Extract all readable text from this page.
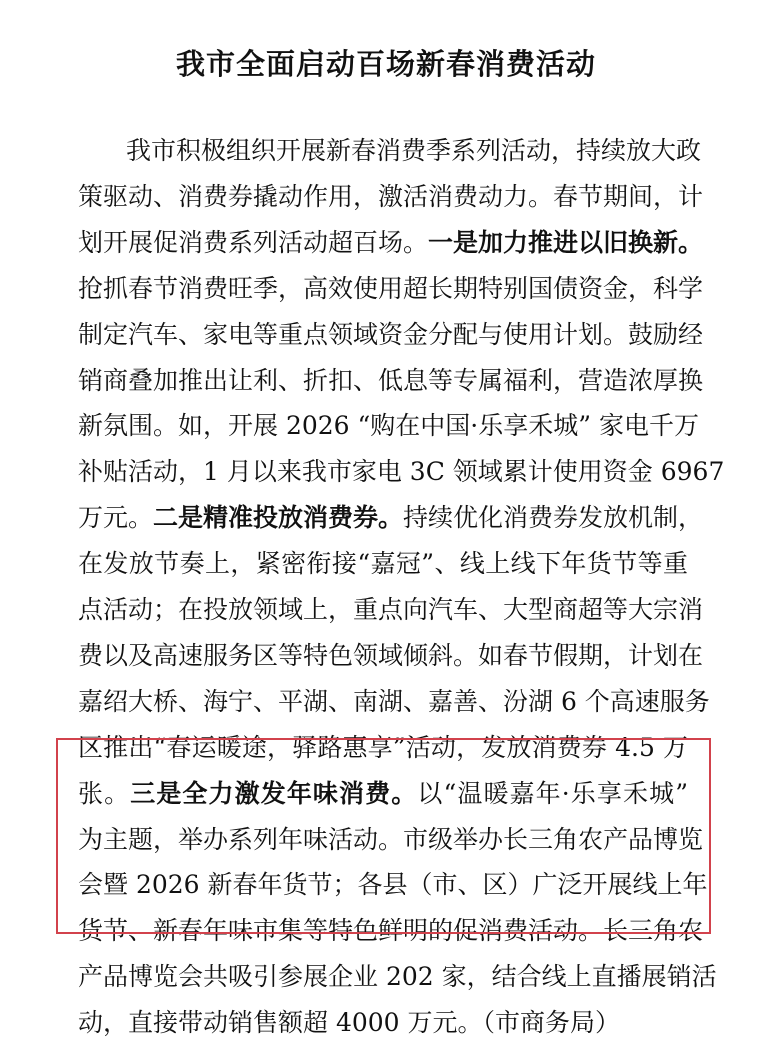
我市全面启动百场新春消费活动
我市积极组织开展新春消费季系列活动，持续放大政
策驱动、消费券撬动作用，激活消费动力。春节期间，计
划开展促消费系列活动超百场。一是加力推进以旧换新。
抢抓春节消费旺季，高效使用超长期特别国债资金，科学
制定汽车、家电等重点领域资金分配与使用计划。鼓励经
销商叠加推出让利、折扣、低息等专属福利，营造浓厚换
新氛围。如，开展 2026 “购在中国·乐享禾城” 家电千万
补贴活动，1 月以来我市家电 3C 领域累计使用资金 6967
万元。二是精准投放消费券。持续优化消费券发放机制，
在发放节奏上，紧密衔接“嘉冠”、线上线下年货节等重
点活动；在投放领域上，重点向汽车、大型商超等大宗消
费以及高速服务区等特色领域倾斜。如春节假期，计划在
嘉绍大桥、海宁、平湖、南湖、嘉善、汾湖 6 个高速服务
区推出“春运暖途，驿路惠享”活动，发放消费券 4.5 万
张。三是全力激发年味消费。以“温暖嘉年·乐享禾城”
为主题，举办系列年味活动。市级举办长三角农产品博览
会暨 2026 新春年货节；各县（市、区）广泛开展线上年
货节、新春年味市集等特色鲜明的促消费活动。长三角农
产品博览会共吸引参展企业 202 家，结合线上直播展销活
动，直接带动销售额超 4000 万元。（市商务局）
